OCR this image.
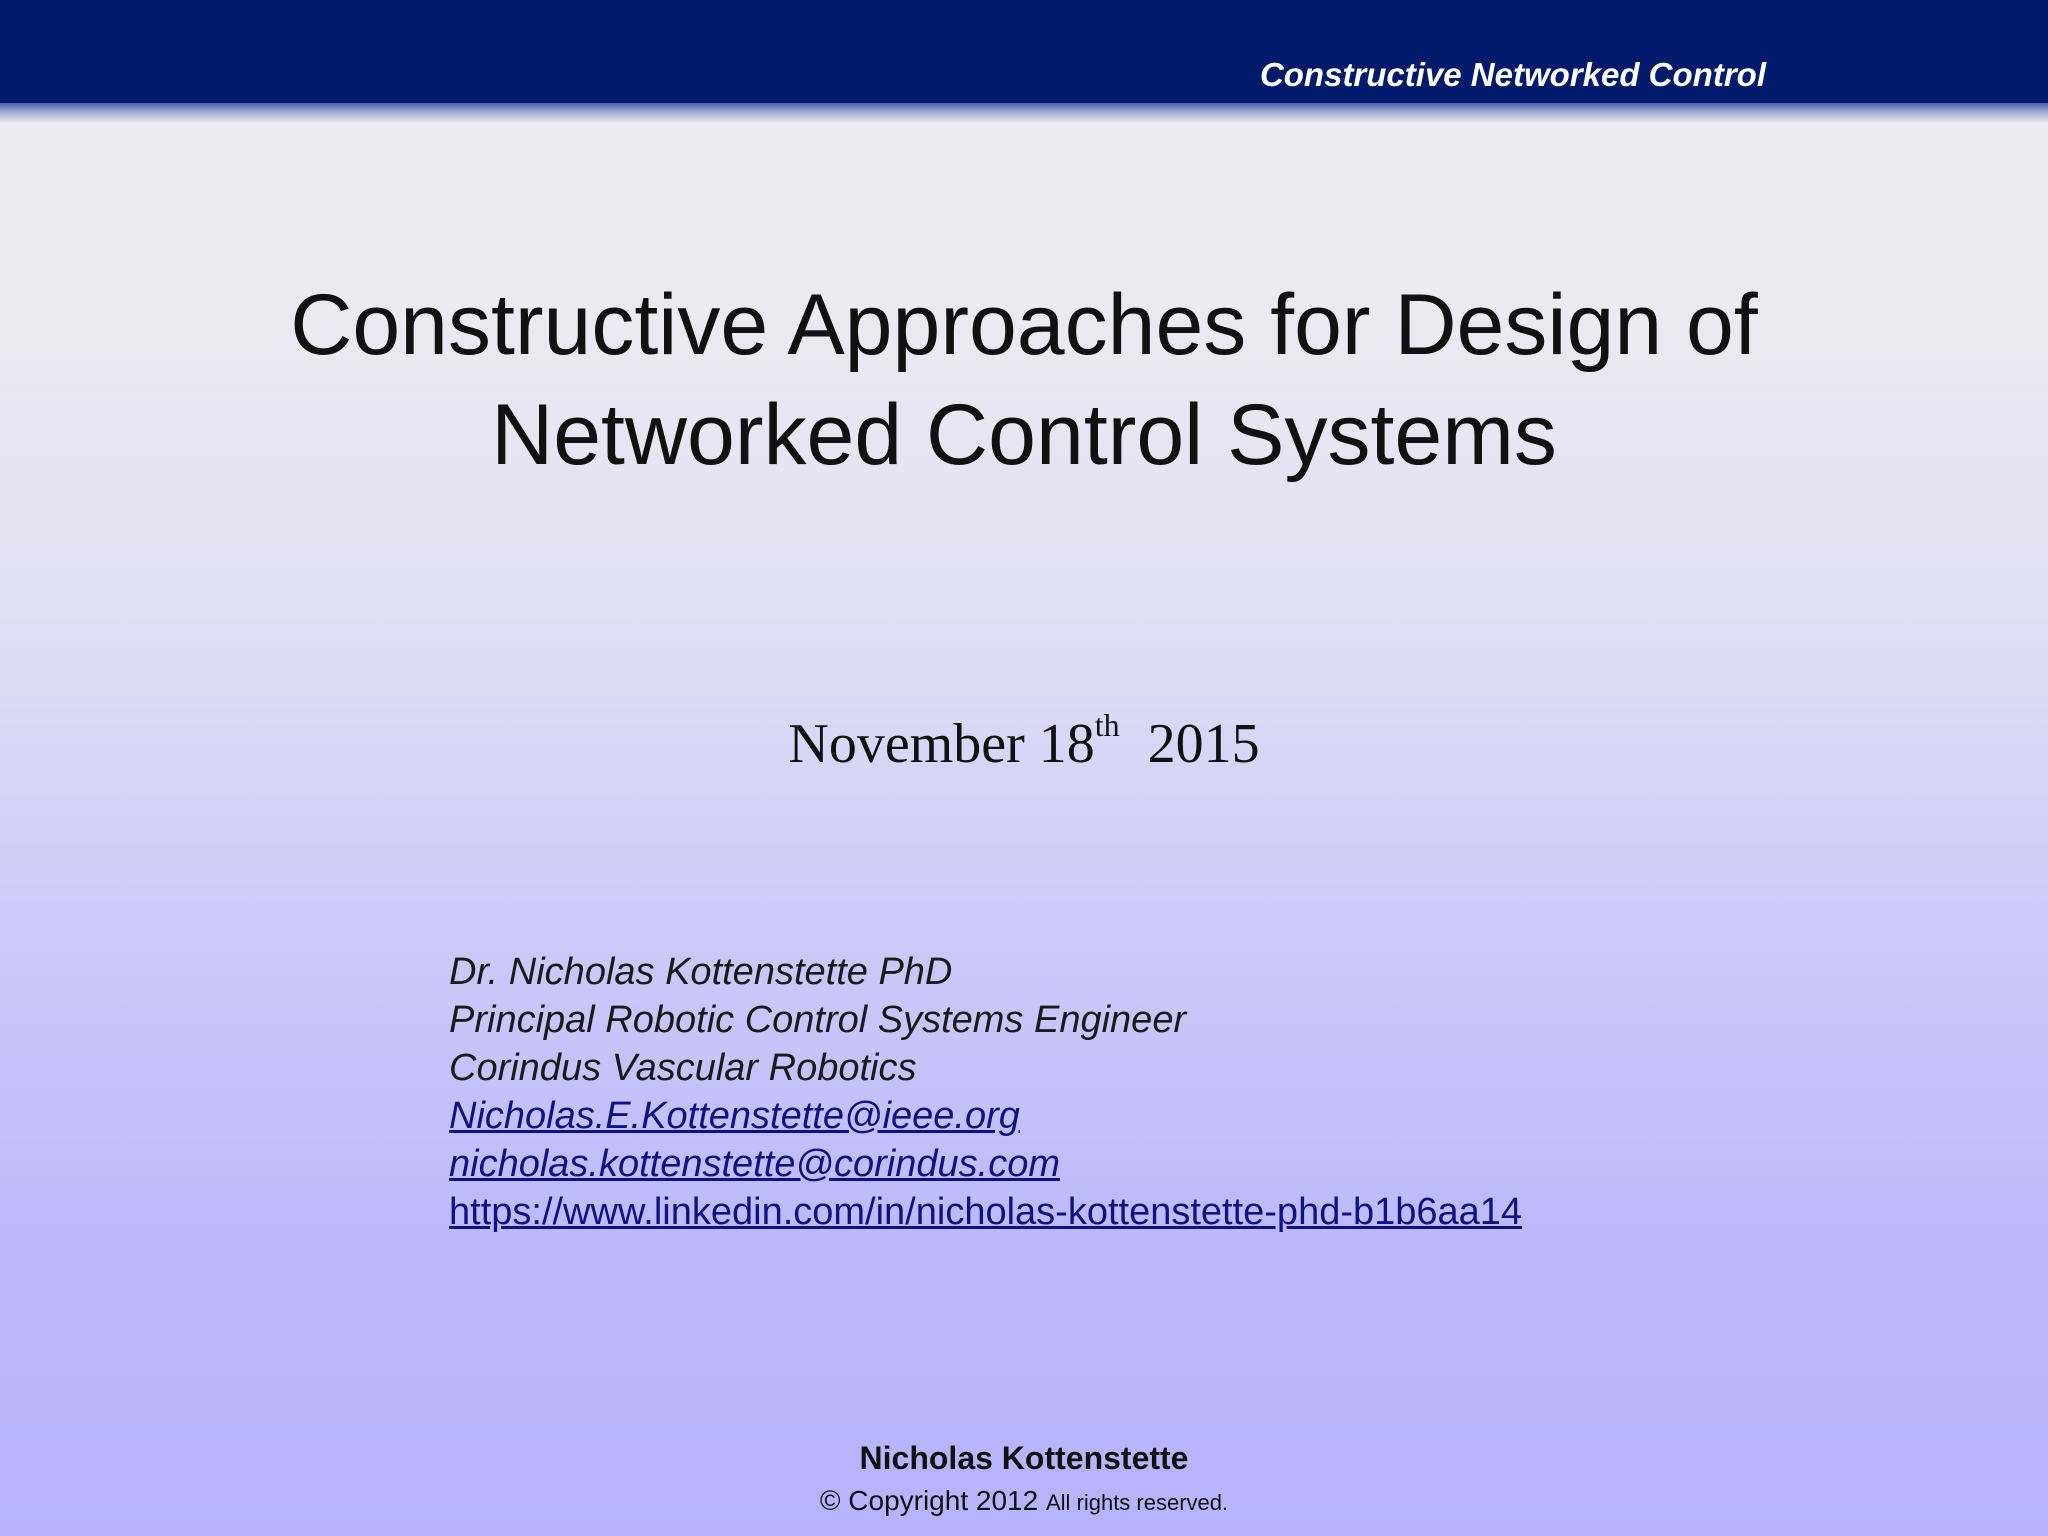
Constructive Networked Control
Constructive Approaches for Design of
Networked Control Systems
November 18th 2015
Dr. Nicholas Kottenstette PhD
Principal Robotic Control Systems Engineer
Corindus Vascular Robotics
Nicholas.E.Kottenstette@ieee.org
nicholas.kottenstette@corindus.com
https://www.linkedin.com/in/nicholas-kottenstette-phd-b1b6aa14
Nicholas Kottenstette
© Copyright 2012 All rights reserved.
